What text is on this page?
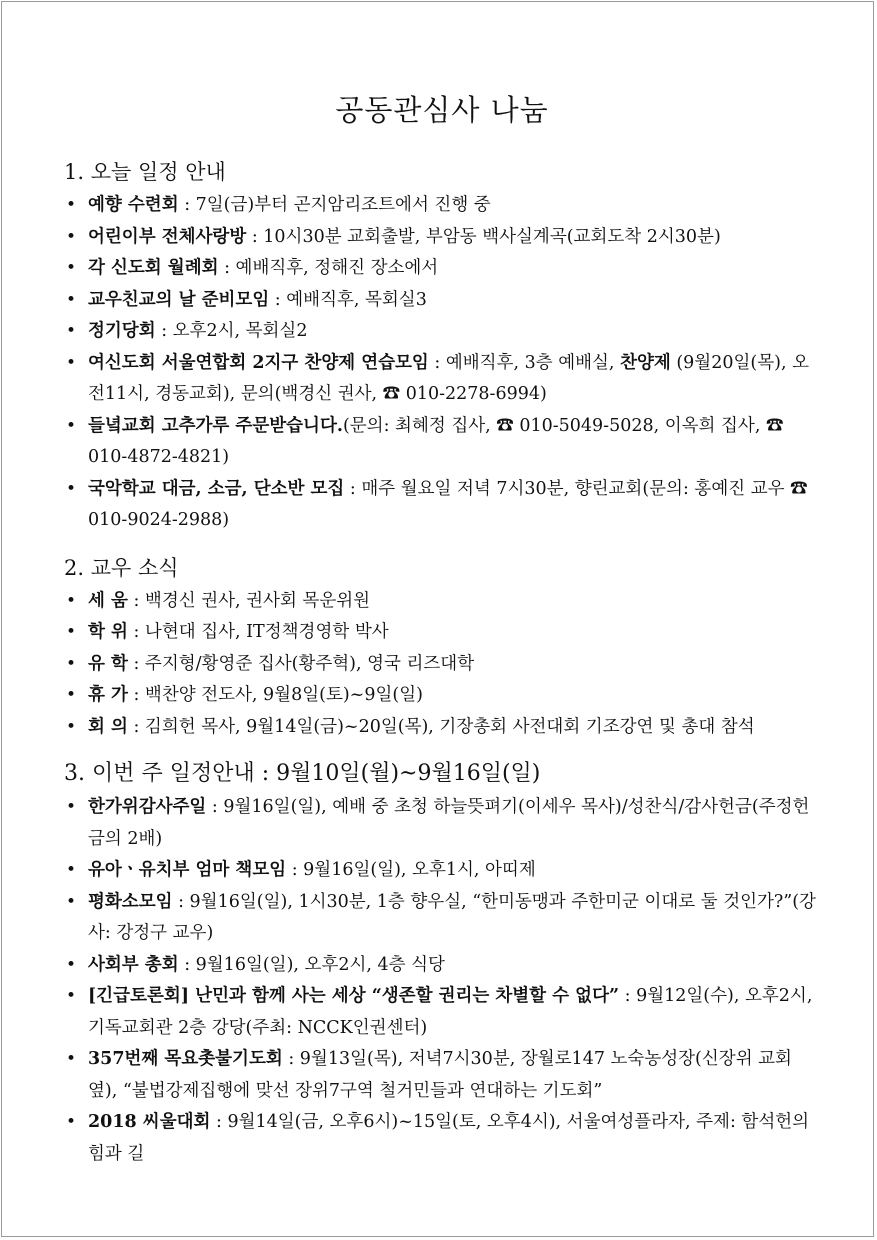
공동관심사 나눔
1. 오늘 일정 안내
• 예향 수련회 : 7일(금)부터 곤지암리조트에서 진행 중
• 어린이부 전체사랑방 : 10시30분 교회출발, 부암동 백사실계곡(교회도착 2시30분)
• 각 신도회 월례회 : 예배직후, 정해진 장소에서
• 교우친교의 날 준비모임 : 예배직후, 목회실3
• 정기당회 : 오후2시, 목회실2
• 여신도회 서울연합회 2지구 찬양제 연습모임 : 예배직후, 3층 예배실, 찬양제 (9월20일(목), 오전11시, 경동교회), 문의(백경신 권사, ☎ 010-2278-6994)
• 들녘교회 고추가루 주문받습니다.(문의: 최혜정 집사, ☎ 010-5049-5028, 이옥희 집사, ☎ 010-4872-4821)
• 국악학교 대금, 소금, 단소반 모집 : 매주 월요일 저녁 7시30분, 향린교회(문의: 홍예진 교우 ☎ 010-9024-2988)
2. 교우 소식
• 세 움 : 백경신 권사, 권사회 목운위원
• 학 위 : 나현대 집사, IT정책경영학 박사
• 유 학 : 주지형/황영준 집사(황주혁), 영국 리즈대학
• 휴 가 : 백찬양 전도사, 9월8일(토)~9일(일)
• 회 의 : 김희헌 목사, 9월14일(금)~20일(목), 기장총회 사전대회 기조강연 및 총대 참석
3. 이번 주 일정안내 : 9월10일(월)~9월16일(일)
• 한가위감사주일 : 9월16일(일), 예배 중 초청 하늘뜻펴기(이세우 목사)/성찬식/감사헌금(주정헌금의 2배)
• 유아ㆍ유치부 엄마 책모임 : 9월16일(일), 오후1시, 아띠제
• 평화소모임 : 9월16일(일), 1시30분, 1층 향우실, “한미동맹과 주한미군 이대로 둘 것인가?”(강사: 강정구 교우)
• 사회부 총회 : 9월16일(일), 오후2시, 4층 식당
• [긴급토론회] 난민과 함께 사는 세상 “생존할 권리는 차별할 수 없다” : 9월12일(수), 오후2시, 기독교회관 2층 강당(주최: NCCK인권센터)
• 357번째 목요촛불기도회 : 9월13일(목), 저녁7시30분, 장월로147 노숙농성장(신장위 교회 옆), “불법강제집행에 맞선 장위7구역 철거민들과 연대하는 기도회”
• 2018 씨울대회 : 9월14일(금, 오후6시)~15일(토, 오후4시), 서울여성플라자, 주제: 함석헌의 힘과 길
